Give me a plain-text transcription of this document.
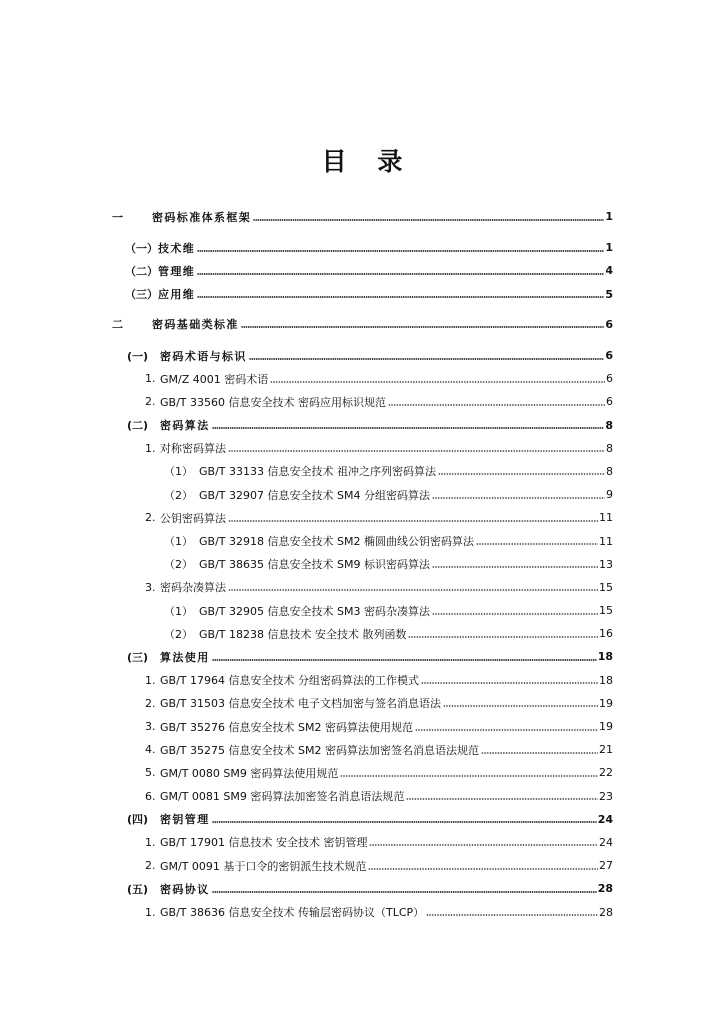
目 录
一	密码标准体系框架	1
（一） 技术维	1
（二） 管理维	4
（三） 应用维	5
二	密码基础类标准	6
(一)	密码术语与标识	6
1. GM/Z 4001 密码术语	6
2. GB/T 33560 信息安全技术 密码应用标识规范	6
(二)	密码算法	8
1. 对称密码算法	8
（1） GB/T 33133 信息安全技术 祖冲之序列密码算法	8
（2） GB/T 32907 信息安全技术 SM4 分组密码算法	9
2. 公钥密码算法	11
（1） GB/T 32918 信息安全技术 SM2 椭圆曲线公钥密码算法	11
（2） GB/T 38635 信息安全技术 SM9 标识密码算法	13
3. 密码杂凑算法	15
（1） GB/T 32905 信息安全技术 SM3 密码杂凑算法	15
（2） GB/T 18238 信息技术 安全技术 散列函数	16
(三)	算法使用	18
1. GB/T 17964 信息安全技术 分组密码算法的工作模式	18
2. GB/T 31503 信息安全技术 电子文档加密与签名消息语法	19
3. GB/T 35276 信息安全技术 SM2 密码算法使用规范	19
4. GB/T 35275 信息安全技术 SM2 密码算法加密签名消息语法规范	21
5. GM/T 0080 SM9 密码算法使用规范	22
6. GM/T 0081 SM9 密码算法加密签名消息语法规范	23
(四)	密钥管理	24
1. GB/T 17901 信息技术 安全技术 密钥管理	24
2. GM/T 0091 基于口令的密钥派生技术规范	27
(五)	密码协议	28
1. GB/T 38636 信息安全技术 传输层密码协议（TLCP）	28
